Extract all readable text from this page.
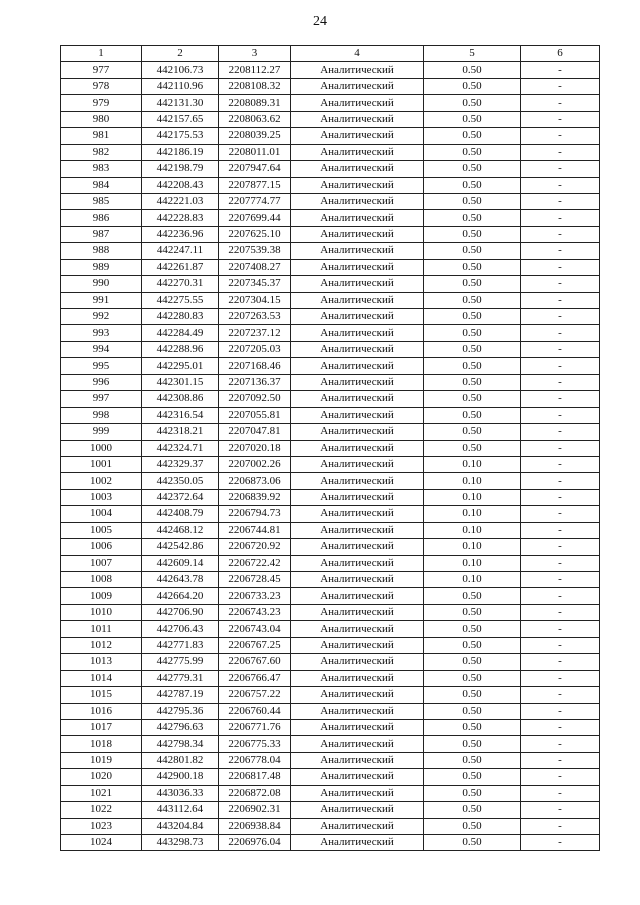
24
1	2	3	4	5	6
977	442106.73	2208112.27	Аналитический	0.50	-
978	442110.96	2208108.32	Аналитический	0.50	-
979	442131.30	2208089.31	Аналитический	0.50	-
980	442157.65	2208063.62	Аналитический	0.50	-
981	442175.53	2208039.25	Аналитический	0.50	-
982	442186.19	2208011.01	Аналитический	0.50	-
983	442198.79	2207947.64	Аналитический	0.50	-
984	442208.43	2207877.15	Аналитический	0.50	-
985	442221.03	2207774.77	Аналитический	0.50	-
986	442228.83	2207699.44	Аналитический	0.50	-
987	442236.96	2207625.10	Аналитический	0.50	-
988	442247.11	2207539.38	Аналитический	0.50	-
989	442261.87	2207408.27	Аналитический	0.50	-
990	442270.31	2207345.37	Аналитический	0.50	-
991	442275.55	2207304.15	Аналитический	0.50	-
992	442280.83	2207263.53	Аналитический	0.50	-
993	442284.49	2207237.12	Аналитический	0.50	-
994	442288.96	2207205.03	Аналитический	0.50	-
995	442295.01	2207168.46	Аналитический	0.50	-
996	442301.15	2207136.37	Аналитический	0.50	-
997	442308.86	2207092.50	Аналитический	0.50	-
998	442316.54	2207055.81	Аналитический	0.50	-
999	442318.21	2207047.81	Аналитический	0.50	-
1000	442324.71	2207020.18	Аналитический	0.50	-
1001	442329.37	2207002.26	Аналитический	0.10	-
1002	442350.05	2206873.06	Аналитический	0.10	-
1003	442372.64	2206839.92	Аналитический	0.10	-
1004	442408.79	2206794.73	Аналитический	0.10	-
1005	442468.12	2206744.81	Аналитический	0.10	-
1006	442542.86	2206720.92	Аналитический	0.10	-
1007	442609.14	2206722.42	Аналитический	0.10	-
1008	442643.78	2206728.45	Аналитический	0.10	-
1009	442664.20	2206733.23	Аналитический	0.50	-
1010	442706.90	2206743.23	Аналитический	0.50	-
1011	442706.43	2206743.04	Аналитический	0.50	-
1012	442771.83	2206767.25	Аналитический	0.50	-
1013	442775.99	2206767.60	Аналитический	0.50	-
1014	442779.31	2206766.47	Аналитический	0.50	-
1015	442787.19	2206757.22	Аналитический	0.50	-
1016	442795.36	2206760.44	Аналитический	0.50	-
1017	442796.63	2206771.76	Аналитический	0.50	-
1018	442798.34	2206775.33	Аналитический	0.50	-
1019	442801.82	2206778.04	Аналитический	0.50	-
1020	442900.18	2206817.48	Аналитический	0.50	-
1021	443036.33	2206872.08	Аналитический	0.50	-
1022	443112.64	2206902.31	Аналитический	0.50	-
1023	443204.84	2206938.84	Аналитический	0.50	-
1024	443298.73	2206976.04	Аналитический	0.50	-
